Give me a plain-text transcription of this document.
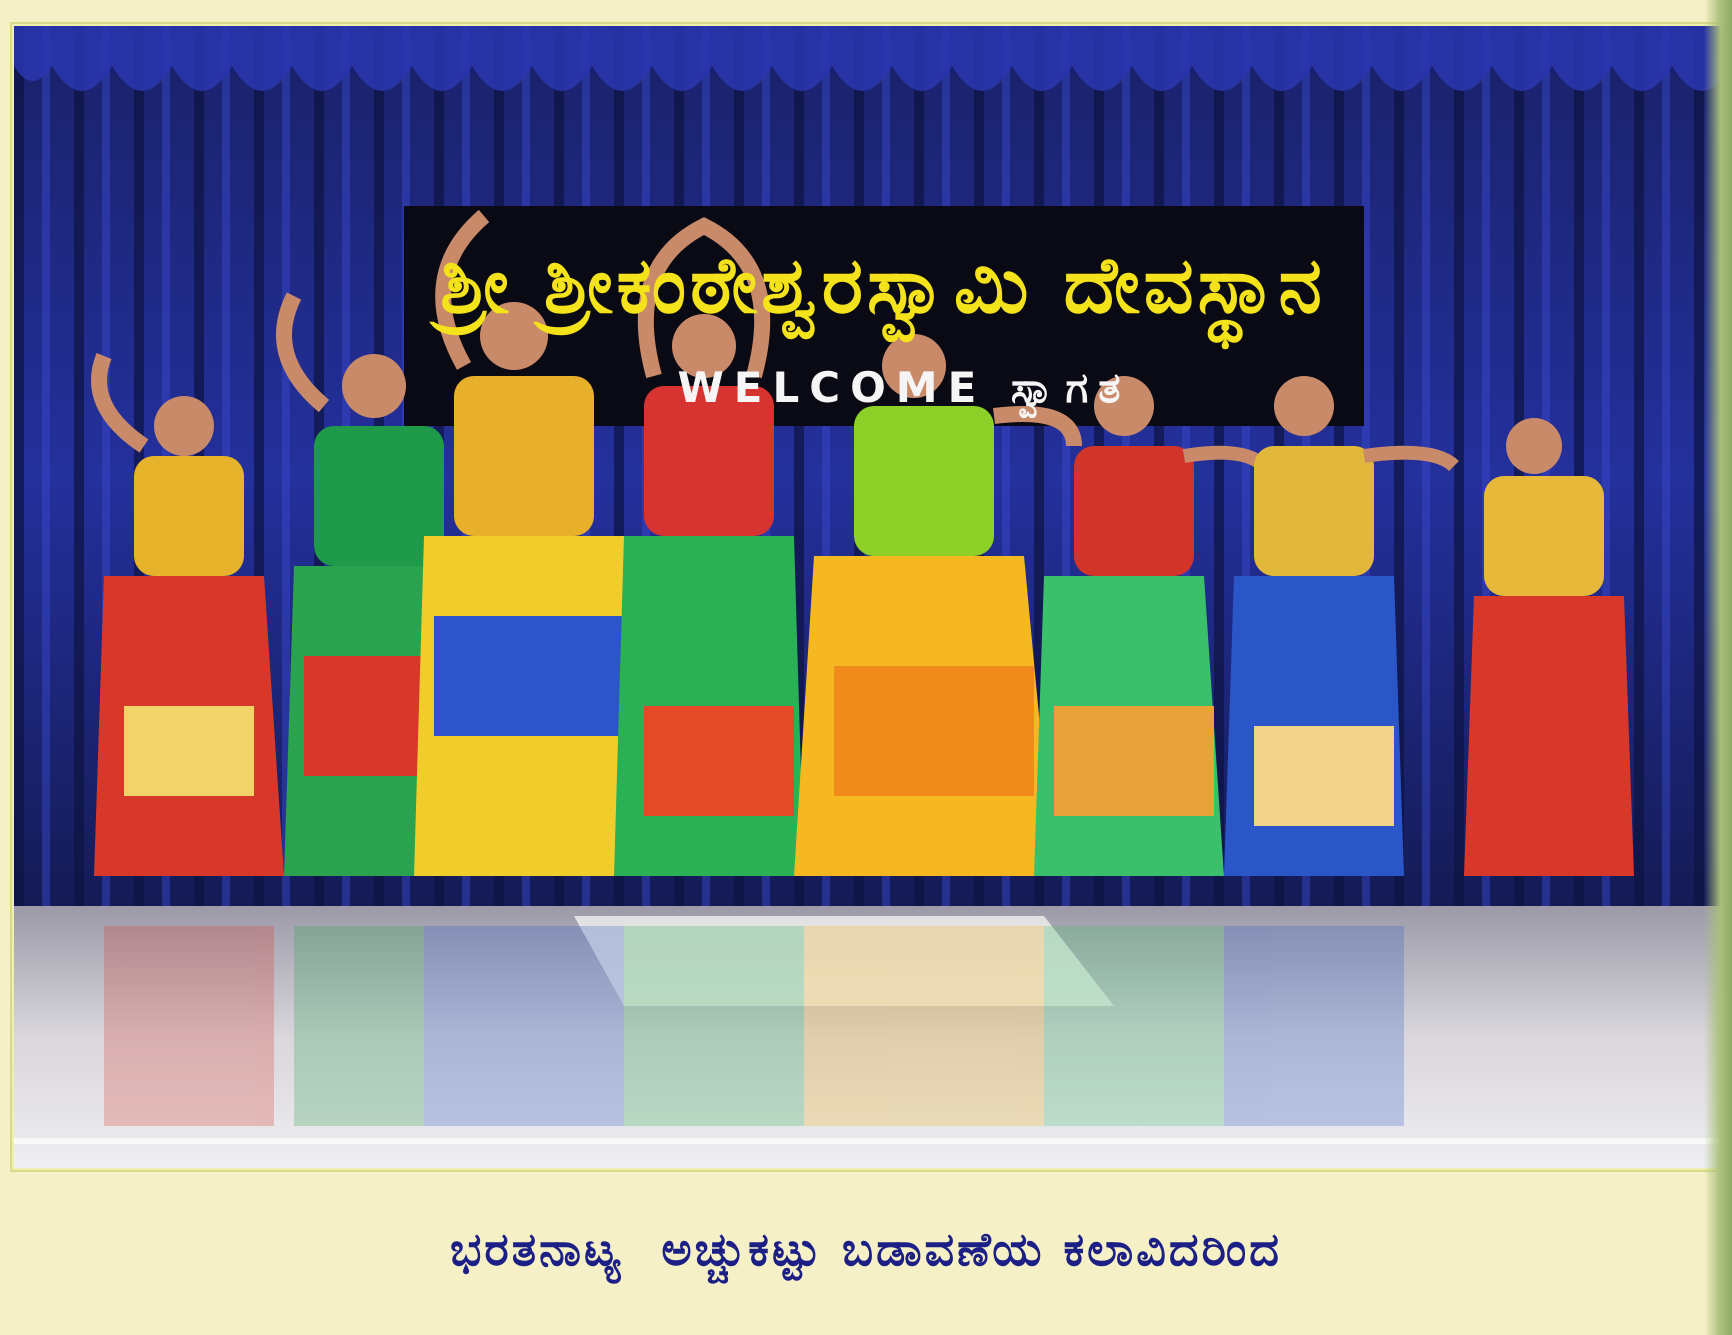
ಶ್ರೀ ಶ್ರೀಕಂಠೇಶ್ವರಸ್ವಾಮಿ ದೇವಸ್ಥಾನ
WELCOME ಸ್ವಾಗತ
ಭರತನಾಟ್ಯ  ಅಚ್ಚುಕಟ್ಟು ಬಡಾವಣೆಯ ಕಲಾವಿದರಿಂದ
